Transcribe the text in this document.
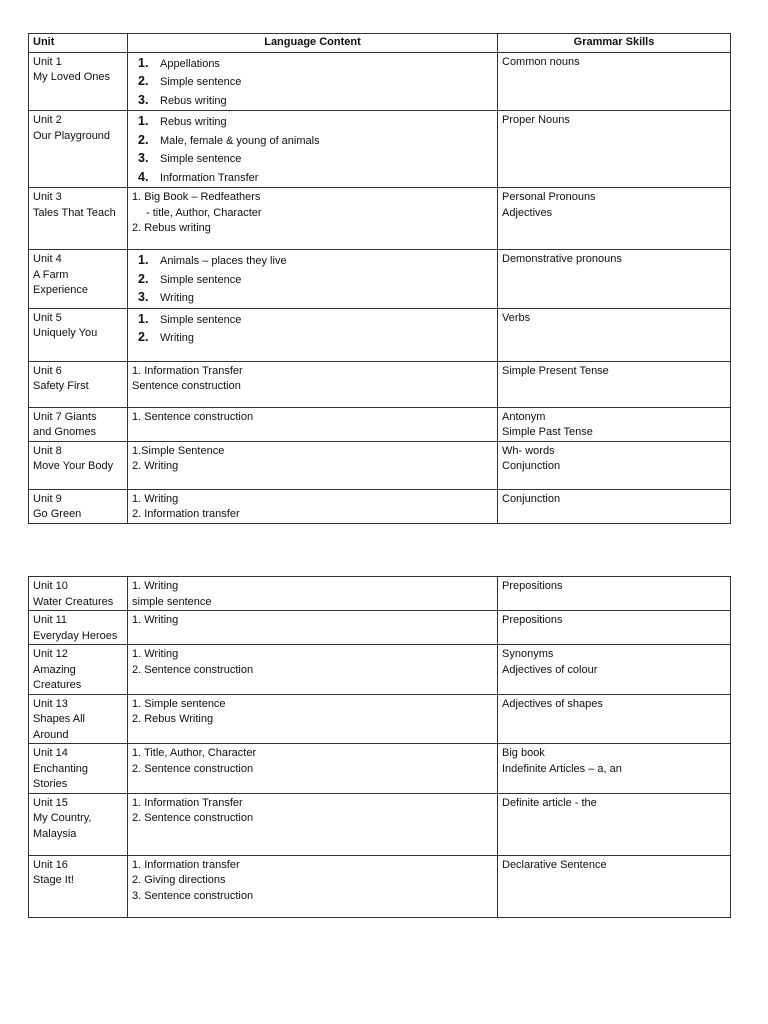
Unit	Language Content	Grammar Skills

Unit 1
My Loved Ones	1. Appellations
2. Simple sentence
3. Rebus writing	Common nouns

Unit 2
Our Playground	1. Rebus writing
2. Male, female & young of animals
3. Simple sentence
4. Information Transfer	Proper Nouns

Unit 3
Tales That Teach	1. Big Book – Redfeathers
- title, Author, Character
2. Rebus writing	Personal Pronouns
Adjectives

Unit 4
A Farm
Experience	1. Animals – places they live
2. Simple sentence
3. Writing	Demonstrative pronouns

Unit 5
Uniquely You	1. Simple sentence
2. Writing	Verbs

Unit 6
Safety First	1. Information Transfer
Sentence construction	Simple Present Tense

Unit 7 Giants
and Gnomes	1. Sentence construction	Antonym
Simple Past Tense

Unit 8
Move Your Body	1.Simple Sentence
2. Writing	Wh- words
Conjunction

Unit 9
Go Green	1. Writing
2. Information transfer	Conjunction
Unit 10
Water Creatures	1. Writing
simple sentence	Prepositions

Unit 11
Everyday Heroes	1. Writing	Prepositions

Unit 12
Amazing
Creatures	1. Writing
2. Sentence construction	Synonyms
Adjectives of colour

Unit 13
Shapes All
Around	1. Simple sentence
2. Rebus Writing	Adjectives of shapes

Unit 14
Enchanting
Stories	1. Title, Author, Character
2. Sentence construction	Big book
Indefinite Articles – a, an

Unit 15
My Country,
Malaysia	1. Information Transfer
2. Sentence construction	Definite article - the

Unit 16
Stage It!	1. Information transfer
2. Giving directions
3. Sentence construction	Declarative Sentence
